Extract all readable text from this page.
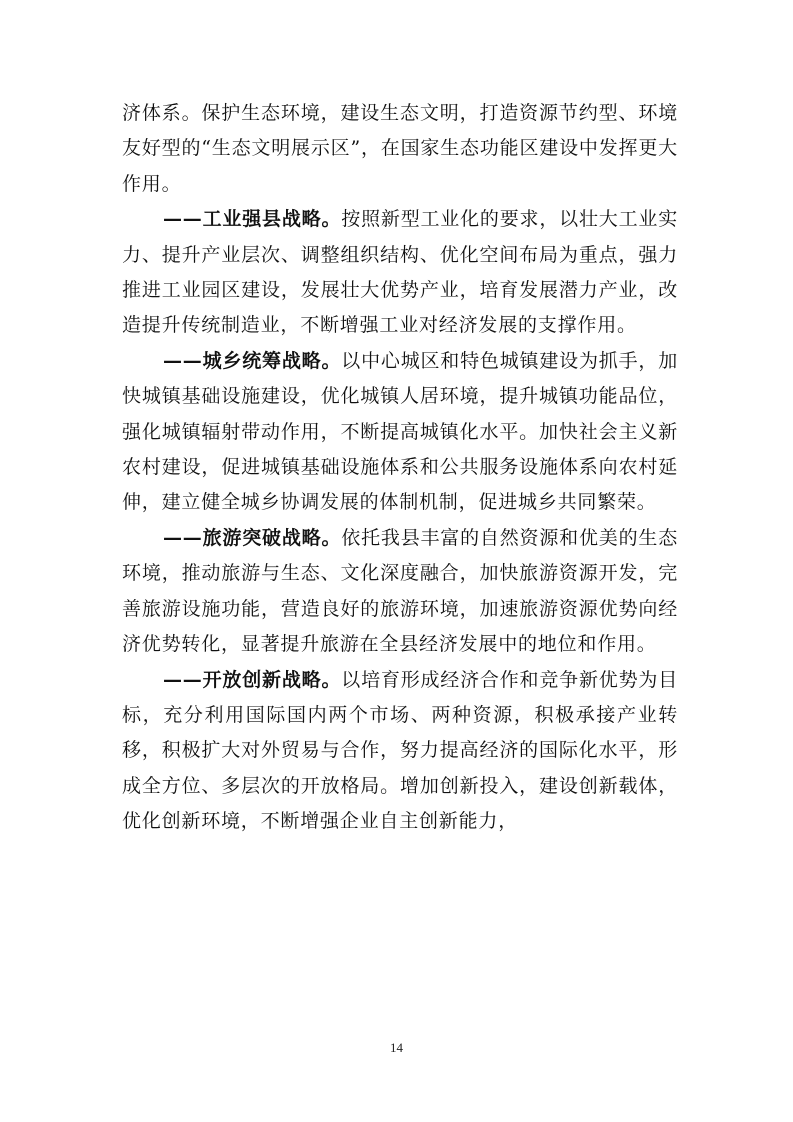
济体系。保护生态环境，建设生态文明，打造资源节约型、环境友好型的“生态文明展示区”，在国家生态功能区建设中发挥更大作用。

——工业强县战略。按照新型工业化的要求，以壮大工业实力、提升产业层次、调整组织结构、优化空间布局为重点，强力推进工业园区建设，发展壮大优势产业，培育发展潜力产业，改造提升传统制造业，不断增强工业对经济发展的支撑作用。

——城乡统筹战略。以中心城区和特色城镇建设为抓手，加快城镇基础设施建设，优化城镇人居环境，提升城镇功能品位，强化城镇辐射带动作用，不断提高城镇化水平。加快社会主义新农村建设，促进城镇基础设施体系和公共服务设施体系向农村延伸，建立健全城乡协调发展的体制机制，促进城乡共同繁荣。

——旅游突破战略。依托我县丰富的自然资源和优美的生态环境，推动旅游与生态、文化深度融合，加快旅游资源开发，完善旅游设施功能，营造良好的旅游环境，加速旅游资源优势向经济优势转化，显著提升旅游在全县经济发展中的地位和作用。

——开放创新战略。以培育形成经济合作和竞争新优势为目标，充分利用国际国内两个市场、两种资源，积极承接产业转移，积极扩大对外贸易与合作，努力提高经济的国际化水平，形成全方位、多层次的开放格局。增加创新投入，建设创新载体，优化创新环境，不断增强企业自主创新能力，

14
